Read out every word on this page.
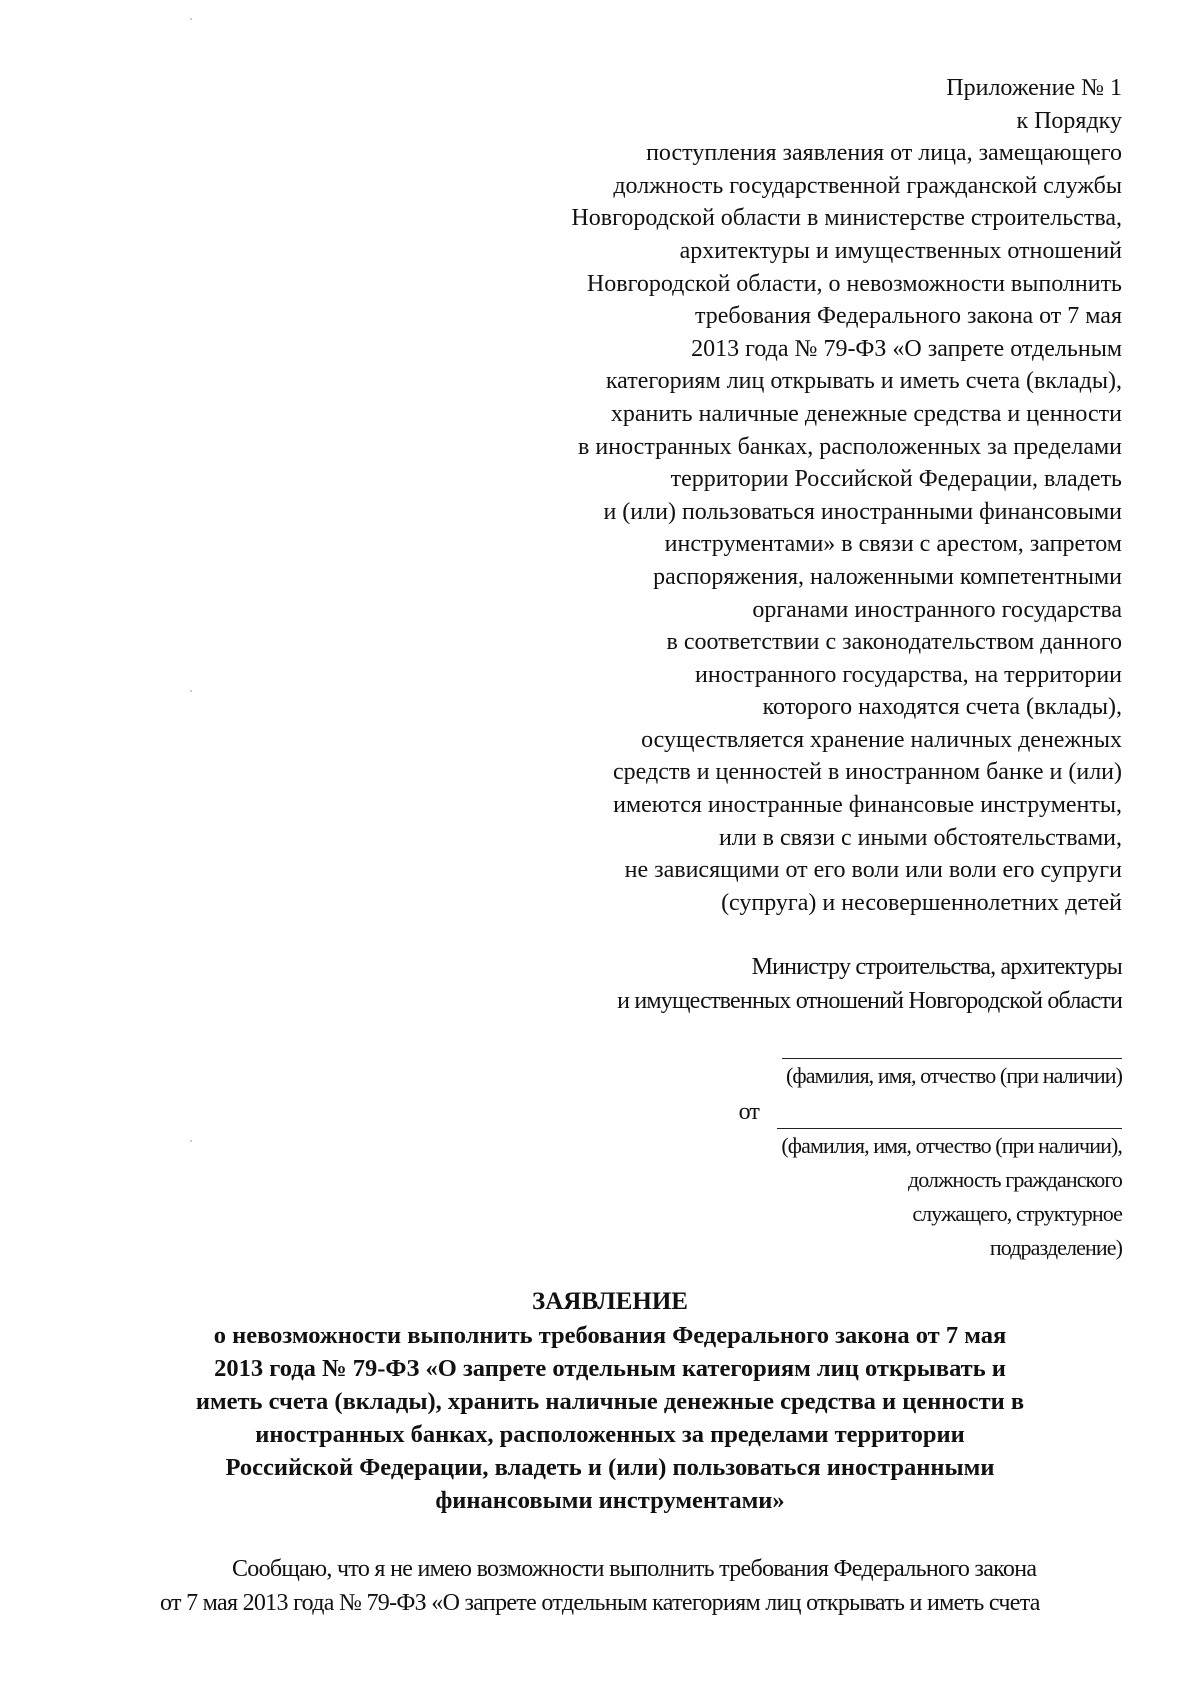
Приложение № 1
к Порядку
поступления заявления от лица, замещающего
должность государственной гражданской службы
Новгородской области в министерстве строительства,
архитектуры и имущественных отношений
Новгородской области, о невозможности выполнить
требования Федерального закона от 7 мая
2013 года № 79-ФЗ «О запрете отдельным
категориям лиц открывать и иметь счета (вклады),
хранить наличные денежные средства и ценности
в иностранных банках, расположенных за пределами
территории Российской Федерации, владеть
и (или) пользоваться иностранными финансовыми
инструментами» в связи с арестом, запретом
распоряжения, наложенными компетентными
органами иностранного государства
в соответствии с законодательством данного
иностранного государства, на территории
которого находятся счета (вклады),
осуществляется хранение наличных денежных
средств и ценностей в иностранном банке и (или)
имеются иностранные финансовые инструменты,
или в связи с иными обстоятельствами,
не зависящими от его воли или воли его супруги
(супруга) и несовершеннолетних детей
Министру строительства, архитектуры
и имущественных отношений Новгородской области
(фамилия, имя, отчество (при наличии)
от
(фамилия, имя, отчество (при наличии),
должность гражданского
служащего, структурное
подразделение)
ЗАЯВЛЕНИЕ
о невозможности выполнить требования Федерального закона от 7 мая
2013 года № 79-ФЗ «О запрете отдельным категориям лиц открывать и
иметь счета (вклады), хранить наличные денежные средства и ценности в
иностранных банках, расположенных за пределами территории
Российской Федерации, владеть и (или) пользоваться иностранными
финансовыми инструментами»
Сообщаю, что я не имею возможности выполнить требования Федерального закона
от 7 мая 2013 года № 79-ФЗ «О запрете отдельным категориям лиц открывать и иметь счета
